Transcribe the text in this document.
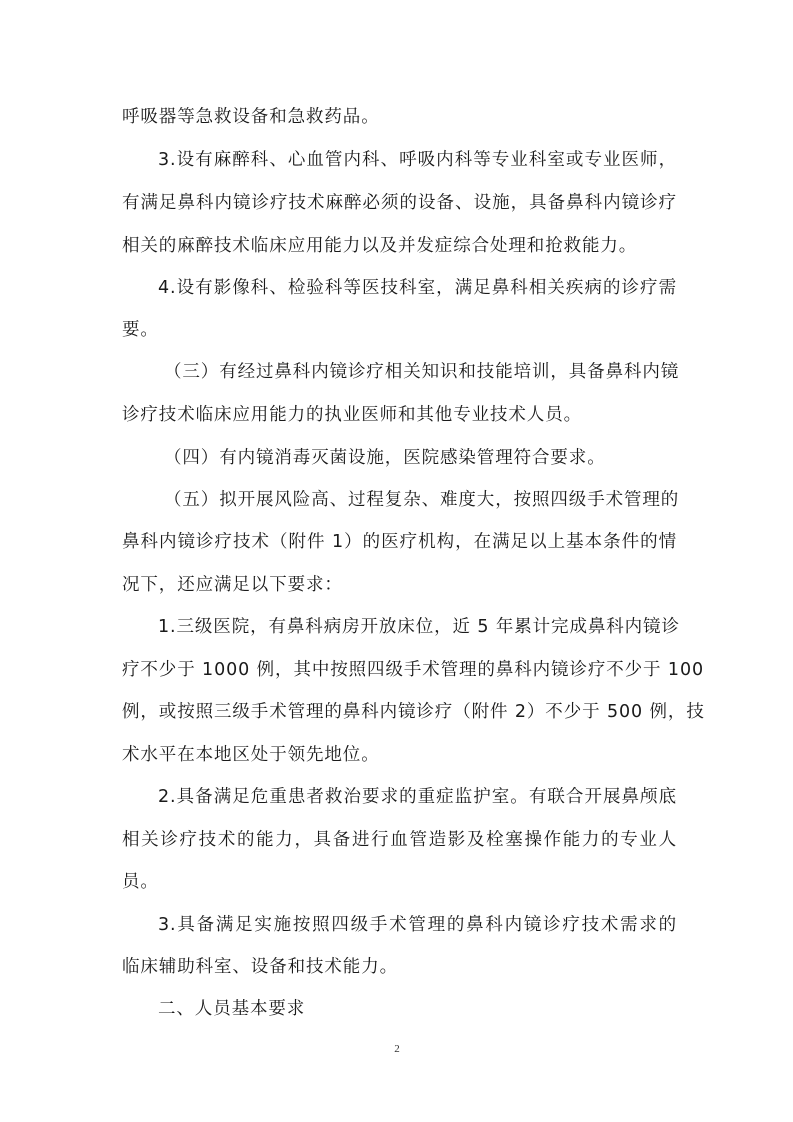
呼吸器等急救设备和急救药品。
3.设有麻醉科、心血管内科、呼吸内科等专业科室或专业医师，
有满足鼻科内镜诊疗技术麻醉必须的设备、设施，具备鼻科内镜诊疗
相关的麻醉技术临床应用能力以及并发症综合处理和抢救能力。
4.设有影像科、检验科等医技科室，满足鼻科相关疾病的诊疗需
要。
（三）有经过鼻科内镜诊疗相关知识和技能培训，具备鼻科内镜
诊疗技术临床应用能力的执业医师和其他专业技术人员。
（四）有内镜消毒灭菌设施，医院感染管理符合要求。
（五）拟开展风险高、过程复杂、难度大，按照四级手术管理的
鼻科内镜诊疗技术（附件 1）的医疗机构，在满足以上基本条件的情
况下，还应满足以下要求：
1.三级医院，有鼻科病房开放床位，近 5 年累计完成鼻科内镜诊
疗不少于 1000 例，其中按照四级手术管理的鼻科内镜诊疗不少于 100
例，或按照三级手术管理的鼻科内镜诊疗（附件 2）不少于 500 例，技
术水平在本地区处于领先地位。
2.具备满足危重患者救治要求的重症监护室。有联合开展鼻颅底
相关诊疗技术的能力，具备进行血管造影及栓塞操作能力的专业人
员。
3.具备满足实施按照四级手术管理的鼻科内镜诊疗技术需求的
临床辅助科室、设备和技术能力。
二、人员基本要求
2
